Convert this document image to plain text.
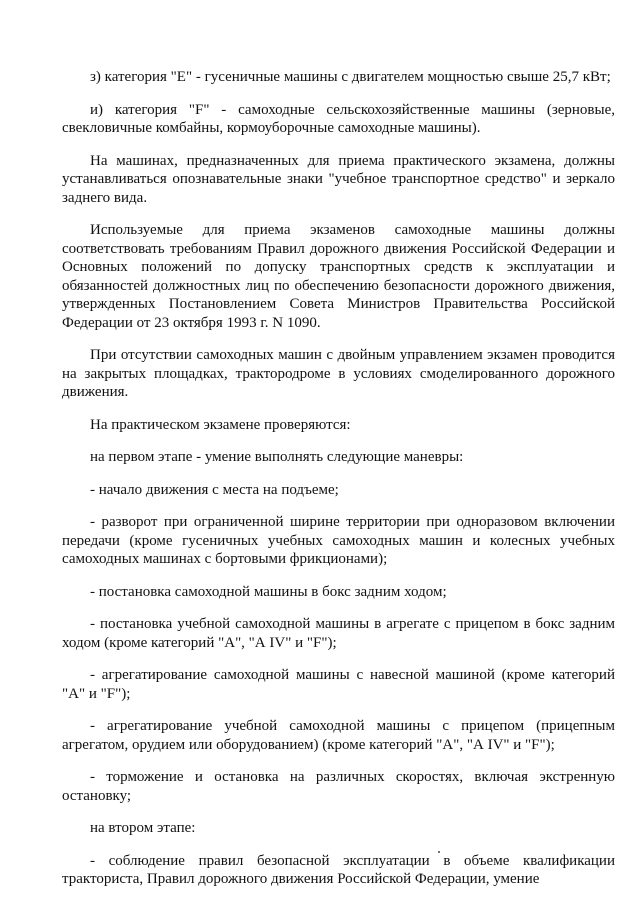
з) категория "E" - гусеничные машины с двигателем мощностью свыше 25,7 кВт;

и) категория "F" - самоходные сельскохозяйственные машины (зерновые, свекловичные комбайны, кормоуборочные самоходные машины).

На машинах, предназначенных для приема практического экзамена, должны устанавливаться опознавательные знаки "учебное транспортное средство" и зеркало заднего вида.

Используемые для приема экзаменов самоходные машины должны соответствовать требованиям Правил дорожного движения Российской Федерации и Основных положений по допуску транспортных средств к эксплуатации и обязанностей должностных лиц по обеспечению безопасности дорожного движения, утвержденных Постановлением Совета Министров Правительства Российской Федерации от 23 октября 1993 г. N 1090.

При отсутствии самоходных машин с двойным управлением экзамен проводится на закрытых площадках, трактородроме в условиях смоделированного дорожного движения.

На практическом экзамене проверяются:

на первом этапе - умение выполнять следующие маневры:

- начало движения с места на подъеме;

- разворот при ограниченной ширине территории при одноразовом включении передачи (кроме гусеничных учебных самоходных машин и колесных учебных самоходных машинах с бортовыми фрикционами);

- постановка самоходной машины в бокс задним ходом;

- постановка учебной самоходной машины в агрегате с прицепом в бокс задним ходом (кроме категорий "А", "А IV" и "F");

- агрегатирование самоходной машины с навесной машиной (кроме категорий "А" и "F");

- агрегатирование учебной самоходной машины с прицепом (прицепным агрегатом, орудием или оборудованием) (кроме категорий "А", "А IV" и "F");

- торможение и остановка на различных скоростях, включая экстренную остановку;

на втором этапе:

- соблюдение правил безопасной эксплуатации в объеме квалификации тракториста, Правил дорожного движения Российской Федерации, умение
